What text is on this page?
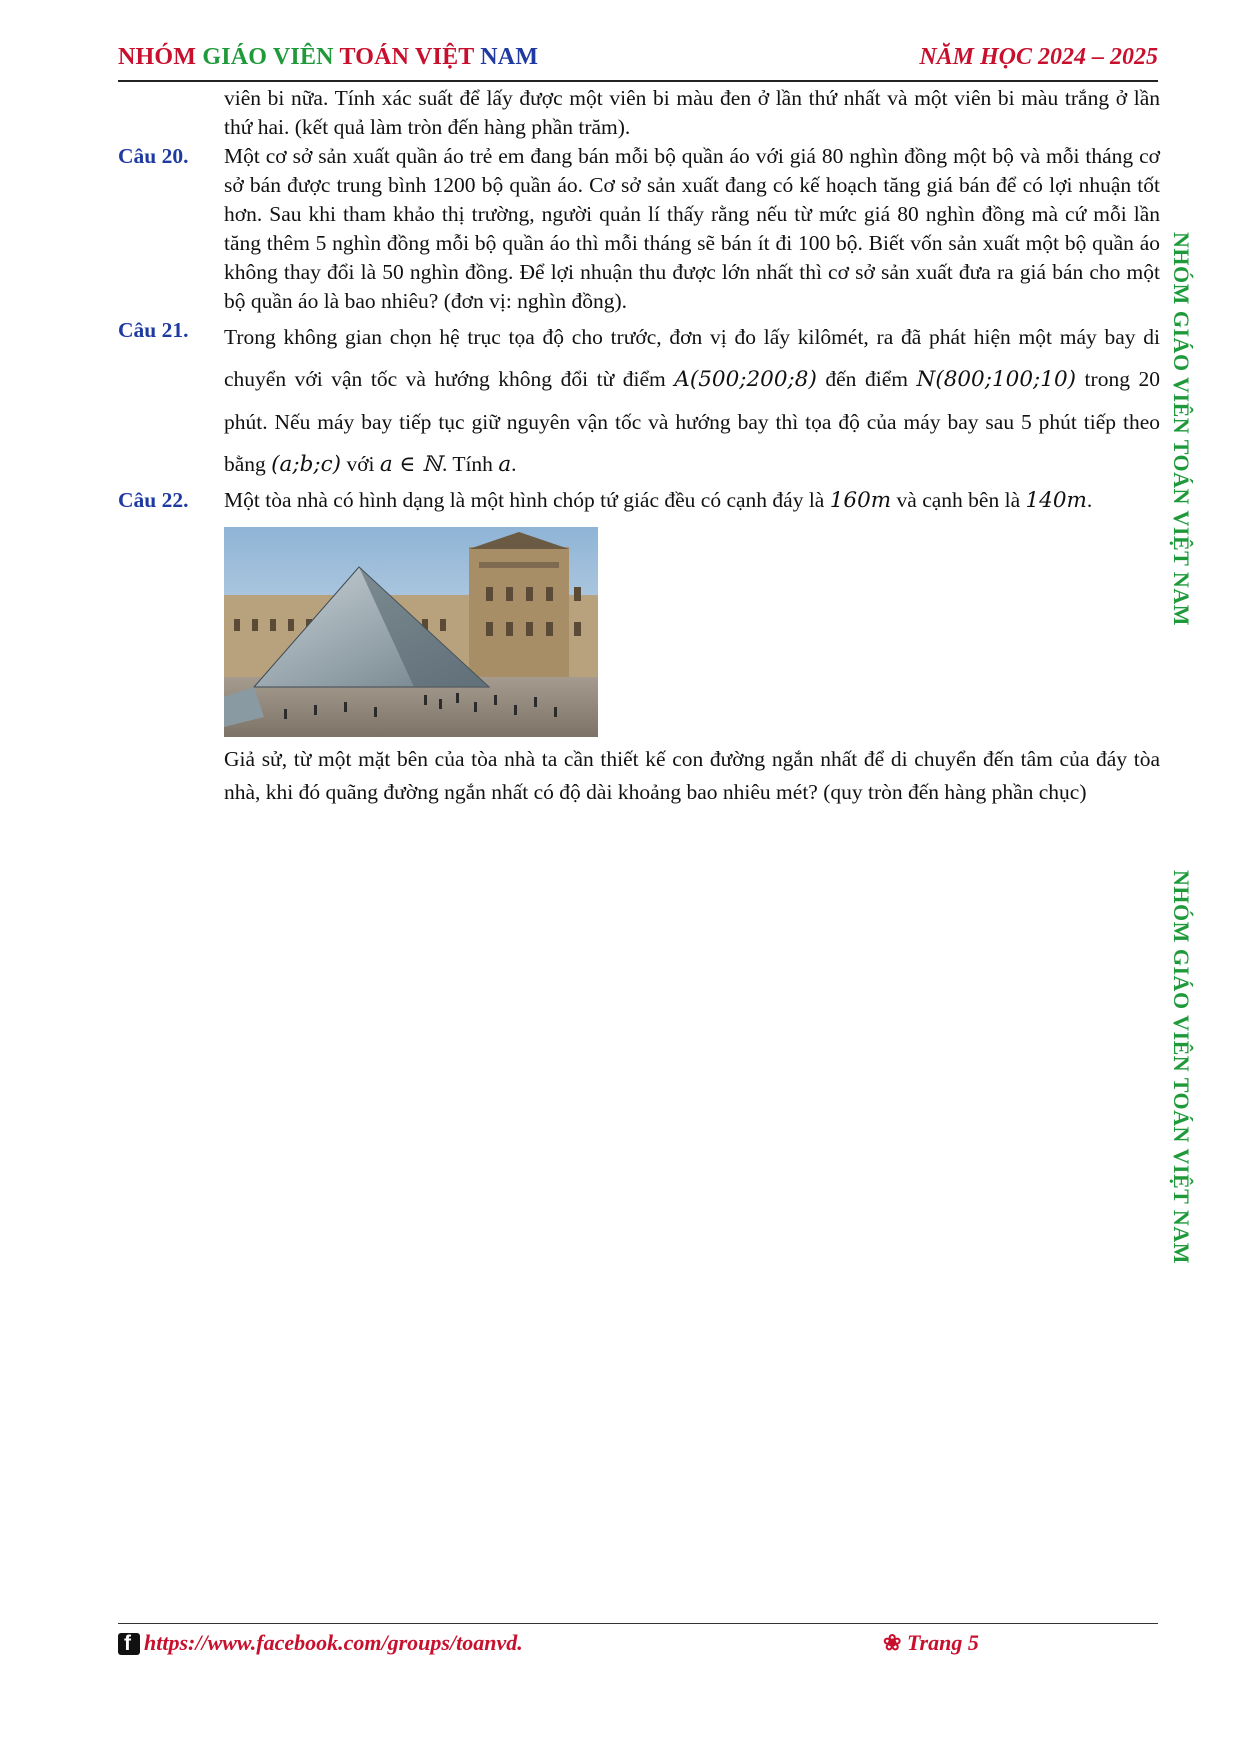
NHÓM GIÁO VIÊN TOÁN VIỆT NAM	NĂM HỌC 2024 – 2025
viên bi nữa. Tính xác suất để lấy được một viên bi màu đen ở lần thứ nhất và một viên bi màu trắng ở lần thứ hai. (kết quả làm tròn đến hàng phần trăm).
Câu 20. Một cơ sở sản xuất quần áo trẻ em đang bán mỗi bộ quần áo với giá 80 nghìn đồng một bộ và mỗi tháng cơ sở bán được trung bình 1200 bộ quần áo. Cơ sở sản xuất đang có kế hoạch tăng giá bán để có lợi nhuận tốt hơn. Sau khi tham khảo thị trường, người quản lí thấy rằng nếu từ mức giá 80 nghìn đồng mà cứ mỗi lần tăng thêm 5 nghìn đồng mỗi bộ quần áo thì mỗi tháng sẽ bán ít đi 100 bộ. Biết vốn sản xuất một bộ quần áo không thay đổi là 50 nghìn đồng. Để lợi nhuận thu được lớn nhất thì cơ sở sản xuất đưa ra giá bán cho một bộ quần áo là bao nhiêu? (đơn vị: nghìn đồng).
Câu 21. Trong không gian chọn hệ trục tọa độ cho trước, đơn vị đo lấy kilômét, ra đã phát hiện một máy bay di chuyển với vận tốc và hướng không đổi từ điểm A(500;200;8) đến điểm N(800;100;10) trong 20 phút. Nếu máy bay tiếp tục giữ nguyên vận tốc và hướng bay thì tọa độ của máy bay sau 5 phút tiếp theo bằng (a;b;c) với a ∈ ℕ. Tính a.
Câu 22. Một tòa nhà có hình dạng là một hình chóp tứ giác đều có cạnh đáy là 160m và cạnh bên là 140m.
Giả sử, từ một mặt bên của tòa nhà ta cần thiết kế con đường ngắn nhất để di chuyển đến tâm của đáy tòa nhà, khi đó quãng đường ngắn nhất có độ dài khoảng bao nhiêu mét? (quy tròn đến hàng phần chục)
NHÓM GIÁO VIÊN TOÁN VIỆT NAM
NHÓM GIÁO VIÊN TOÁN VIỆT NAM
f https://www.facebook.com/groups/toanvd.	❀ Trang 5
